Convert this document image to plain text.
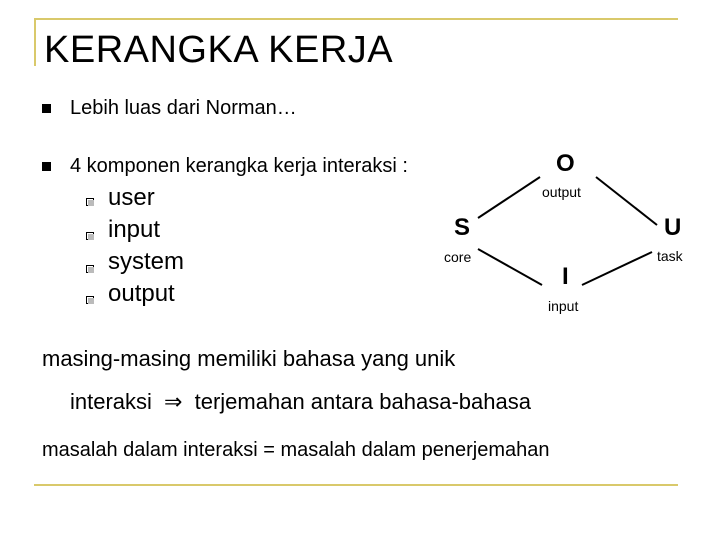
KERANGKA KERJA
Lebih luas dari Norman…
4 komponen kerangka kerja interaksi :
user
input
system
output
S
core
O
output
U
task
I
input
masing-masing memiliki bahasa yang unik
interaksi ⇒ terjemahan antara bahasa-bahasa
masalah dalam interaksi = masalah dalam penerjemahan
